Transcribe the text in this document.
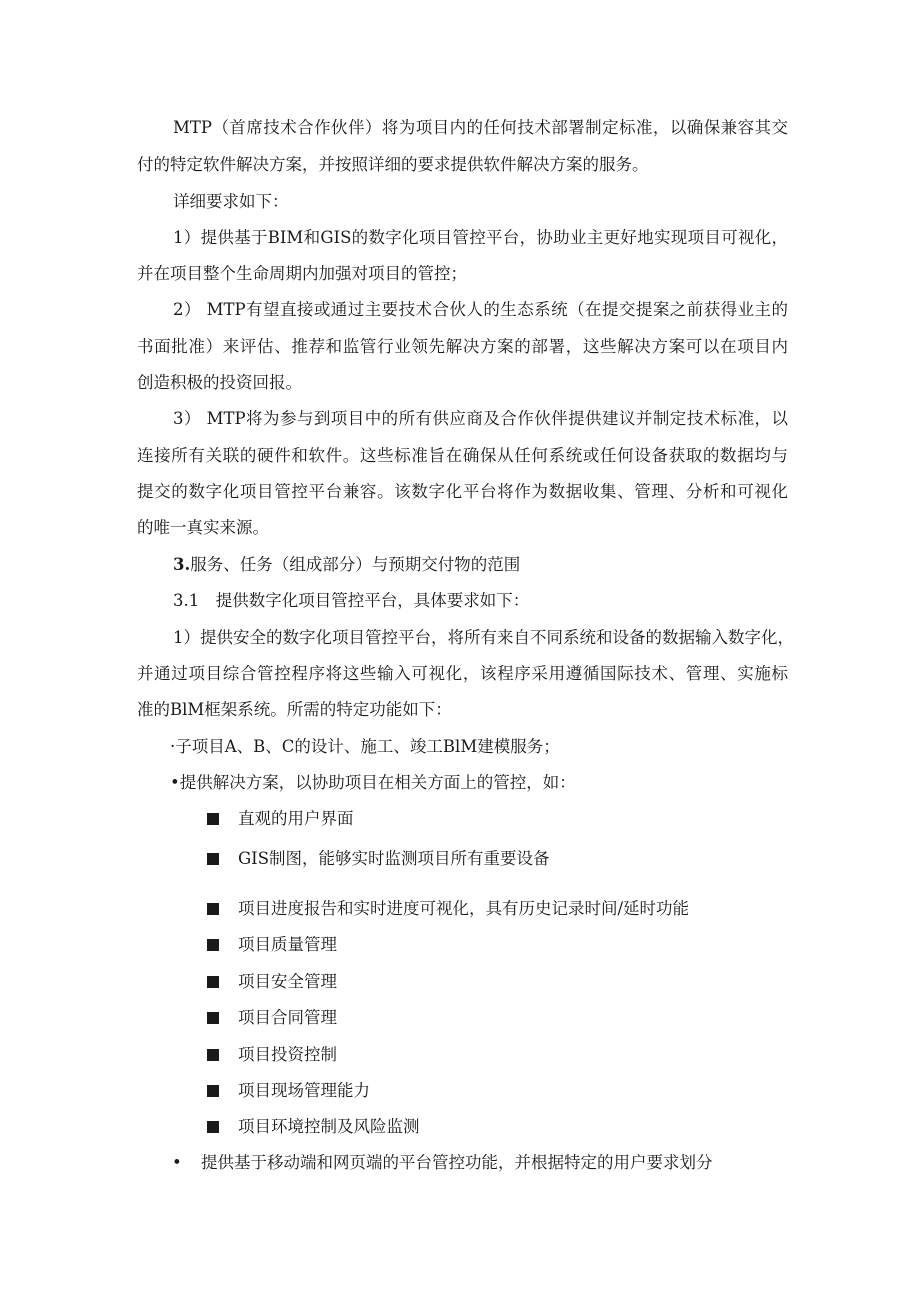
MTP（首席技术合作伙伴）将为项目内的任何技术部署制定标准，以确保兼容其交
付的特定软件解决方案，并按照详细的要求提供软件解决方案的服务。
详细要求如下：
1）提供基于BIM和GIS的数字化项目管控平台，协助业主更好地实现项目可视化，
并在项目整个生命周期内加强对项目的管控；
2） MTP有望直接或通过主要技术合伙人的生态系统（在提交提案之前获得业主的
书面批准）来评估、推荐和监管行业领先解决方案的部署，这些解决方案可以在项目内
创造积极的投资回报。
3） MTP将为参与到项目中的所有供应商及合作伙伴提供建议并制定技术标准，以
连接所有关联的硬件和软件。这些标准旨在确保从任何系统或任何设备获取的数据均与
提交的数字化项目管控平台兼容。该数字化平台将作为数据收集、管理、分析和可视化
的唯一真实来源。
3.服务、任务（组成部分）与预期交付物的范围
3.1　提供数字化项目管控平台，具体要求如下：
1）提供安全的数字化项目管控平台，将所有来自不同系统和设备的数据输入数字化，
并通过项目综合管控程序将这些输入可视化，该程序采用遵循国际技术、管理、实施标
准的BlM框架系统。所需的特定功能如下：
·子项目A、B、C的设计、施工、竣工BlM建模服务；
•提供解决方案，以协助项目在相关方面上的管控，如：
直观的用户界面
GIS制图，能够实时监测项目所有重要设备
项目进度报告和实时进度可视化，具有历史记录时间/延时功能
项目质量管理
项目安全管理
项目合同管理
项目投资控制
项目现场管理能力
项目环境控制及风险监测
• 提供基于移动端和网页端的平台管控功能，并根据特定的用户要求划分
